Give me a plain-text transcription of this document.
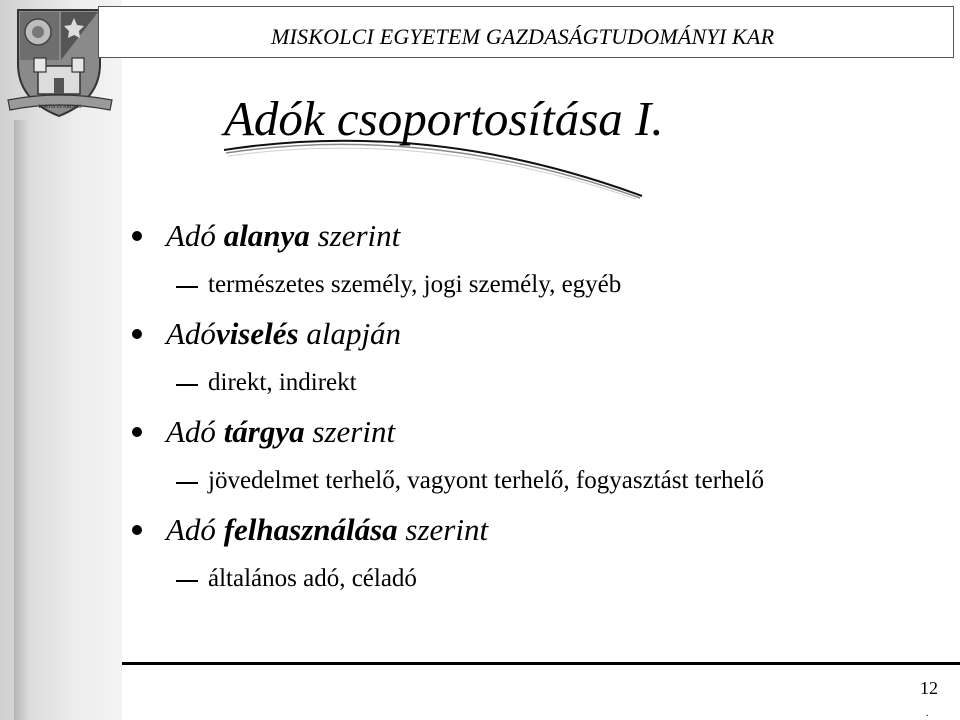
FORTIS IN ARDUIS
MISKOLCI EGYETEM GAZDASÁGTUDOMÁNYI KAR
Adók csoportosítása I.
Adó alanya szerint
természetes személy, jogi személy, egyéb
Adóviselés alapján
direkt, indirekt
Adó tárgya szerint
jövedelmet terhelő, vagyont terhelő, fogyasztást terhelő
Adó felhasználása szerint
általános adó, céladó
12
.
